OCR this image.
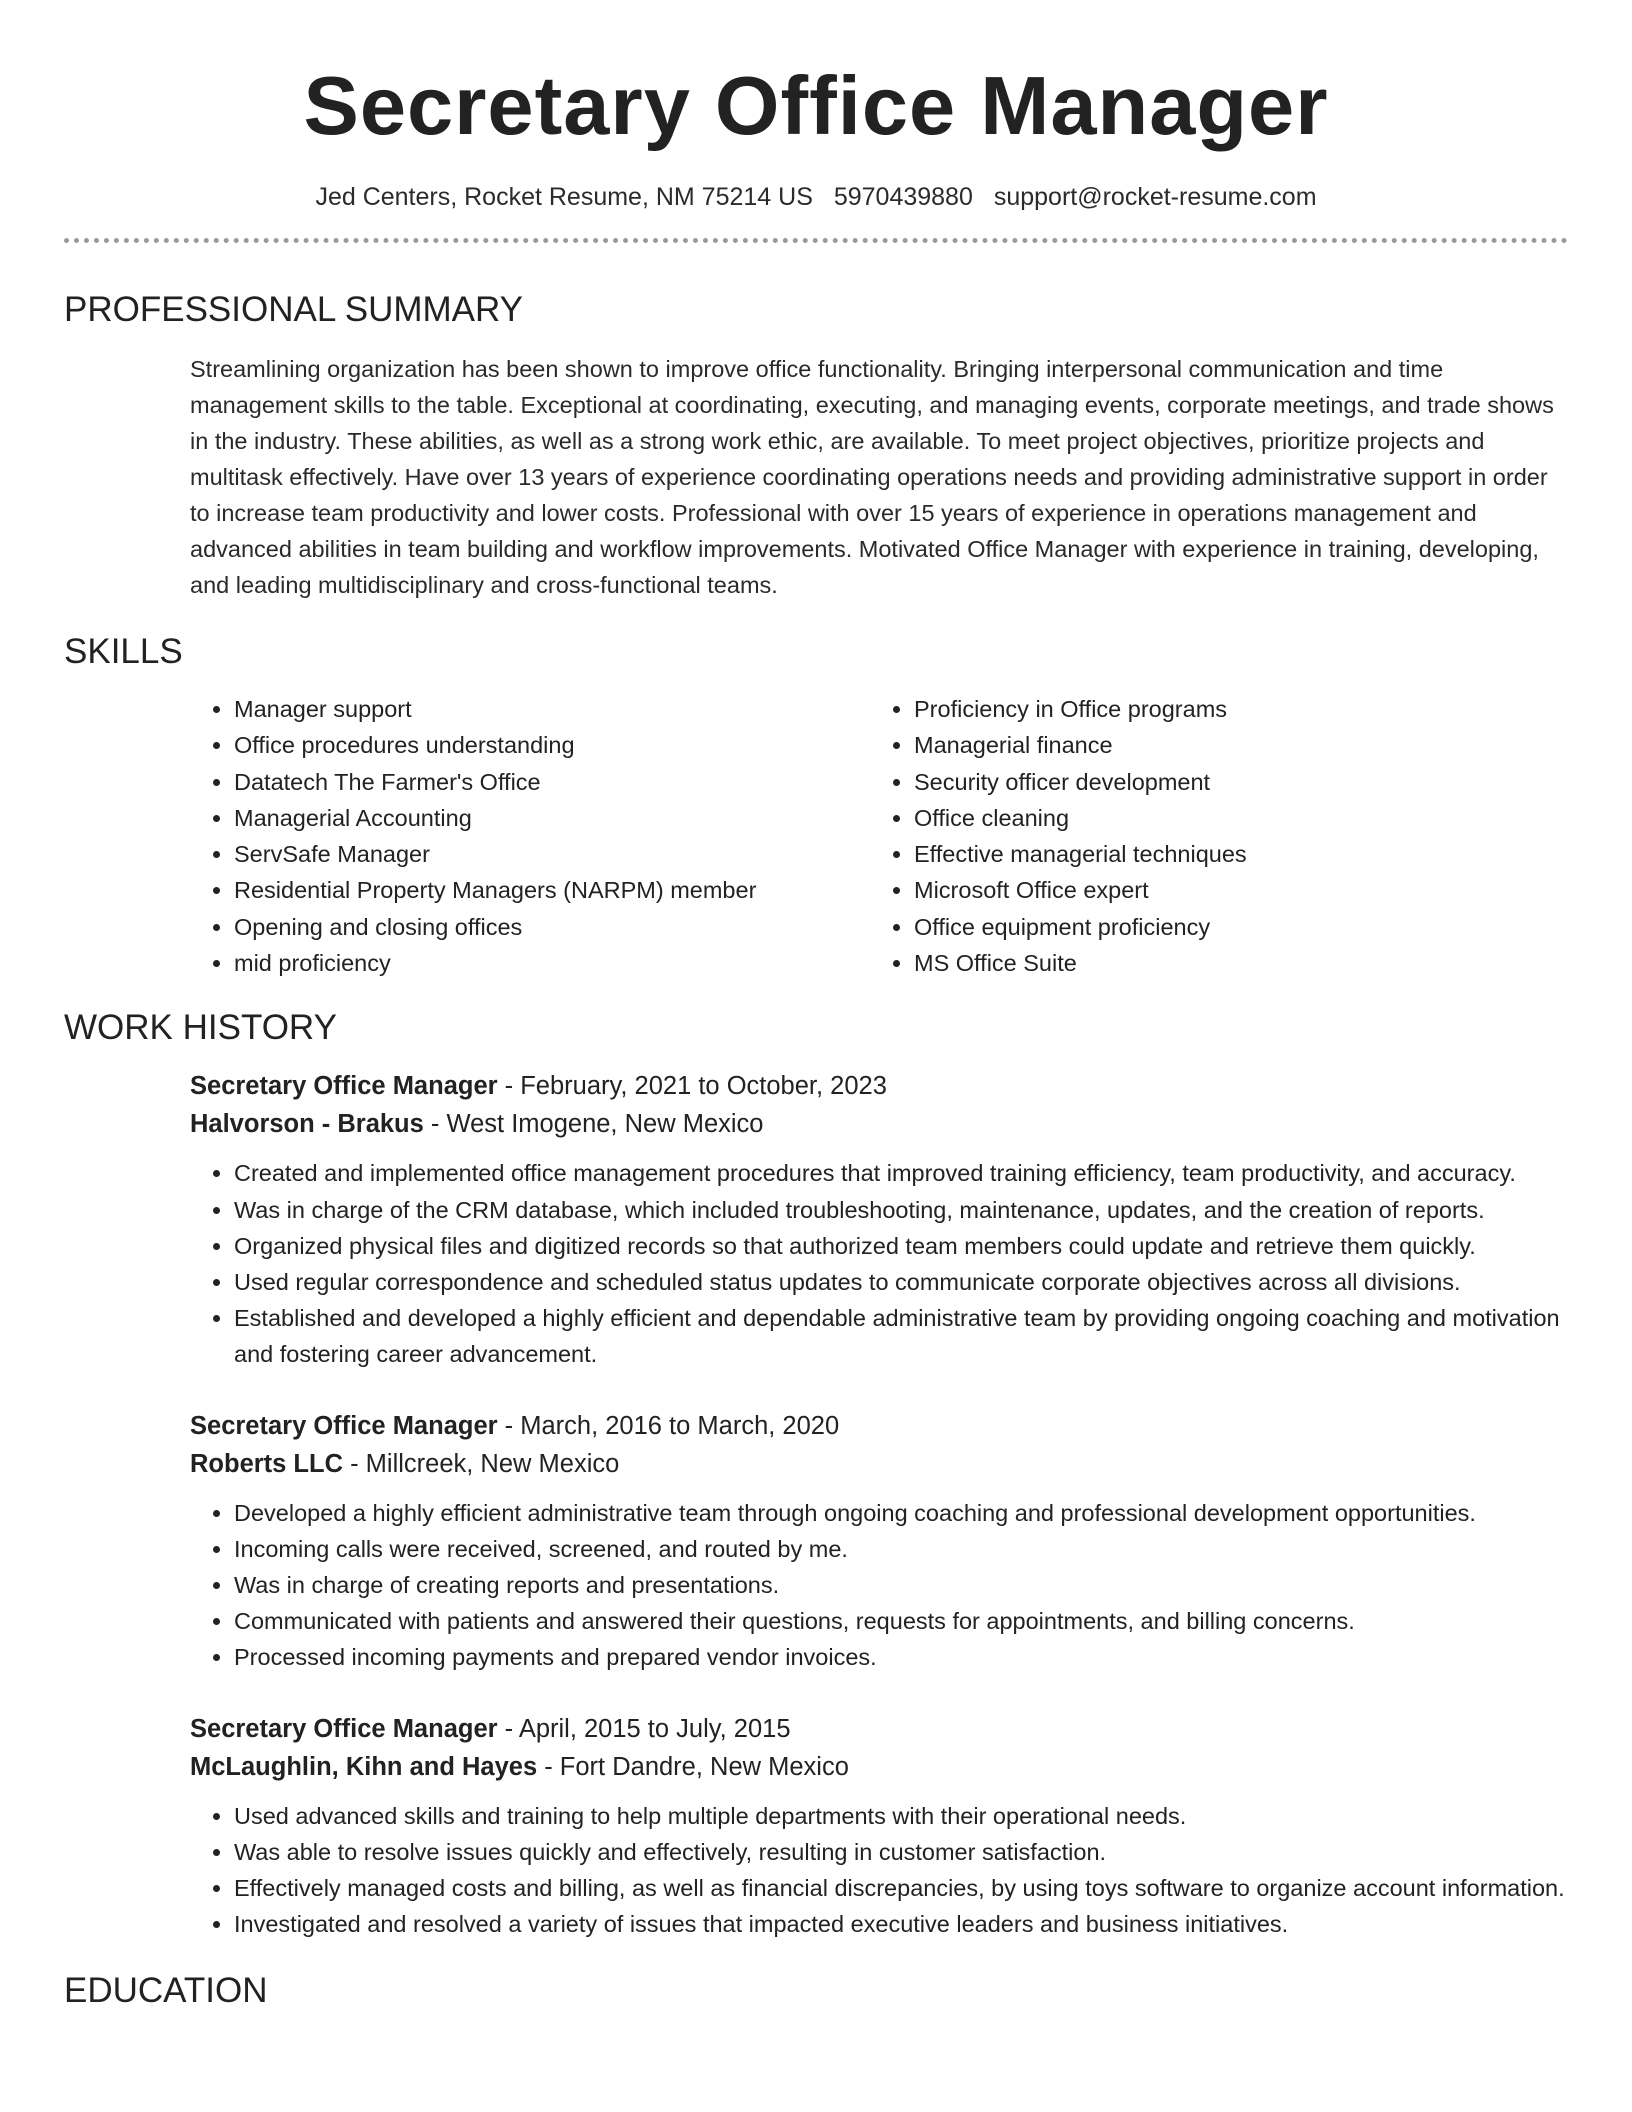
Secretary Office Manager
Jed Centers, Rocket Resume, NM 75214 US 5970439880 support@rocket-resume.com
PROFESSIONAL SUMMARY
Streamlining organization has been shown to improve office functionality. Bringing interpersonal communication and time management skills to the table. Exceptional at coordinating, executing, and managing events, corporate meetings, and trade shows in the industry. These abilities, as well as a strong work ethic, are available. To meet project objectives, prioritize projects and multitask effectively. Have over 13 years of experience coordinating operations needs and providing administrative support in order to increase team productivity and lower costs. Professional with over 15 years of experience in operations management and advanced abilities in team building and workflow improvements. Motivated Office Manager with experience in training, developing, and leading multidisciplinary and cross-functional teams.
SKILLS
• Manager support
• Office procedures understanding
• Datatech The Farmer's Office
• Managerial Accounting
• ServSafe Manager
• Residential Property Managers (NARPM) member
• Opening and closing offices
• mid proficiency
• Proficiency in Office programs
• Managerial finance
• Security officer development
• Office cleaning
• Effective managerial techniques
• Microsoft Office expert
• Office equipment proficiency
• MS Office Suite
WORK HISTORY
Secretary Office Manager - February, 2021 to October, 2023
Halvorson - Brakus - West Imogene, New Mexico
• Created and implemented office management procedures that improved training efficiency, team productivity, and accuracy.
• Was in charge of the CRM database, which included troubleshooting, maintenance, updates, and the creation of reports.
• Organized physical files and digitized records so that authorized team members could update and retrieve them quickly.
• Used regular correspondence and scheduled status updates to communicate corporate objectives across all divisions.
• Established and developed a highly efficient and dependable administrative team by providing ongoing coaching and motivation and fostering career advancement.
Secretary Office Manager - March, 2016 to March, 2020
Roberts LLC - Millcreek, New Mexico
• Developed a highly efficient administrative team through ongoing coaching and professional development opportunities.
• Incoming calls were received, screened, and routed by me.
• Was in charge of creating reports and presentations.
• Communicated with patients and answered their questions, requests for appointments, and billing concerns.
• Processed incoming payments and prepared vendor invoices.
Secretary Office Manager - April, 2015 to July, 2015
McLaughlin, Kihn and Hayes - Fort Dandre, New Mexico
• Used advanced skills and training to help multiple departments with their operational needs.
• Was able to resolve issues quickly and effectively, resulting in customer satisfaction.
• Effectively managed costs and billing, as well as financial discrepancies, by using toys software to organize account information.
• Investigated and resolved a variety of issues that impacted executive leaders and business initiatives.
EDUCATION
